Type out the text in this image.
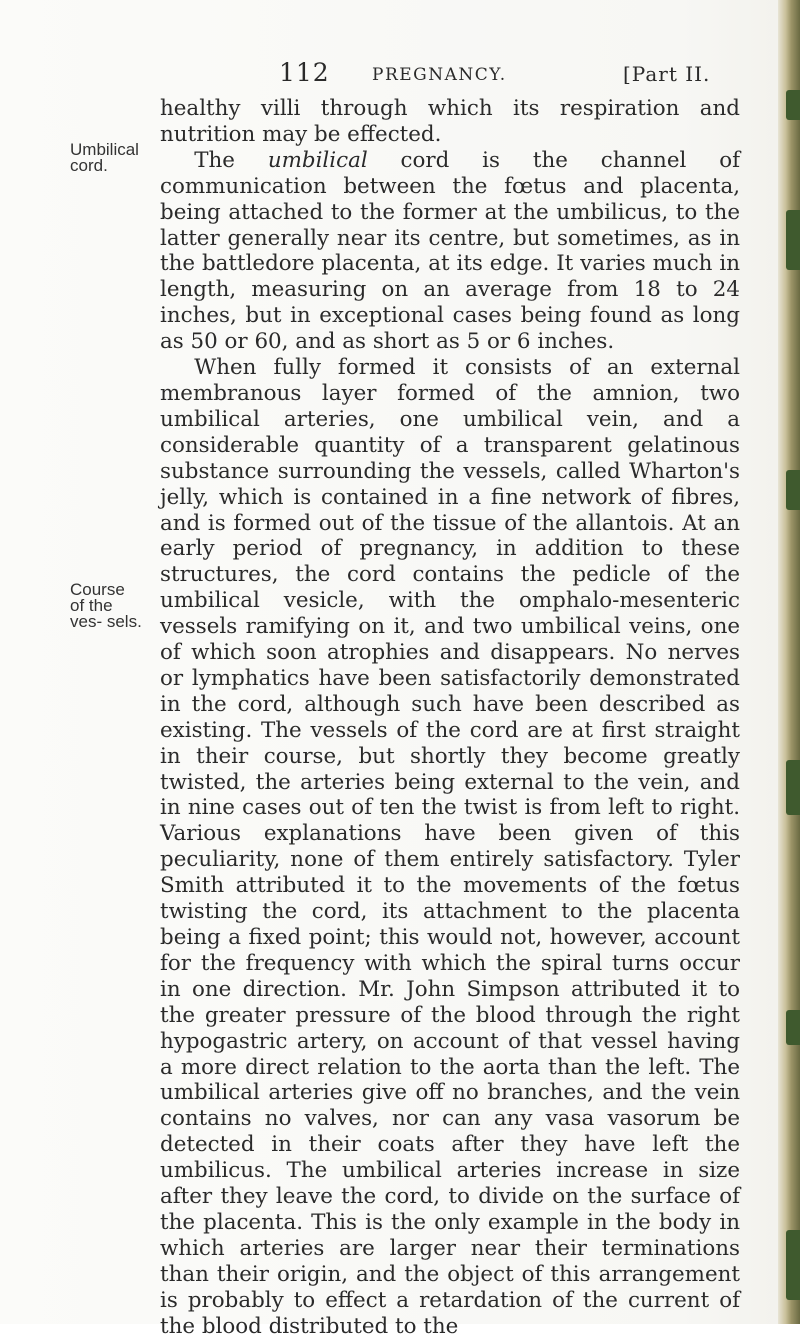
112 PREGNANCY.	[Part II.
Umbilical cord.
Course of the ves- sels.

healthy villi through which its respiration and nutrition may be effected.

The umbilical cord is the channel of communication between the fœtus and placenta, being attached to the former at the umbilicus, to the latter generally near its centre, but sometimes, as in the battledore placenta, at its edge. It varies much in length, measuring on an average from 18 to 24 inches, but in exceptional cases being found as long as 50 or 60, and as short as 5 or 6 inches.

When fully formed it consists of an external membranous layer formed of the amnion, two umbilical arteries, one umbilical vein, and a considerable quantity of a transparent gelatinous substance surrounding the vessels, called Wharton's jelly, which is contained in a fine network of fibres, and is formed out of the tissue of the allantois. At an early period of pregnancy, in addition to these structures, the cord contains the pedicle of the umbilical vesicle, with the omphalo-mesenteric vessels ramifying on it, and two umbilical veins, one of which soon atrophies and disappears. No nerves or lymphatics have been satisfactorily demonstrated in the cord, although such have been described as existing. The vessels of the cord are at first straight in their course, but shortly they become greatly twisted, the arteries being external to the vein, and in nine cases out of ten the twist is from left to right. Various explanations have been given of this peculiarity, none of them entirely satisfactory. Tyler Smith attributed it to the movements of the fœtus twisting the cord, its attachment to the placenta being a fixed point; this would not, however, account for the frequency with which the spiral turns occur in one direction. Mr. John Simpson attributed it to the greater pressure of the blood through the right hypogastric artery, on account of that vessel having a more direct relation to the aorta than the left. The umbilical arteries give off no branches, and the vein contains no valves, nor can any vasa vasorum be detected in their coats after they have left the umbilicus. The umbilical arteries increase in size after they leave the cord, to divide on the surface of the placenta. This is the only example in the body in which arteries are larger near their terminations than their origin, and the object of this arrangement is probably to effect a retardation of the current of the blood distributed to the
